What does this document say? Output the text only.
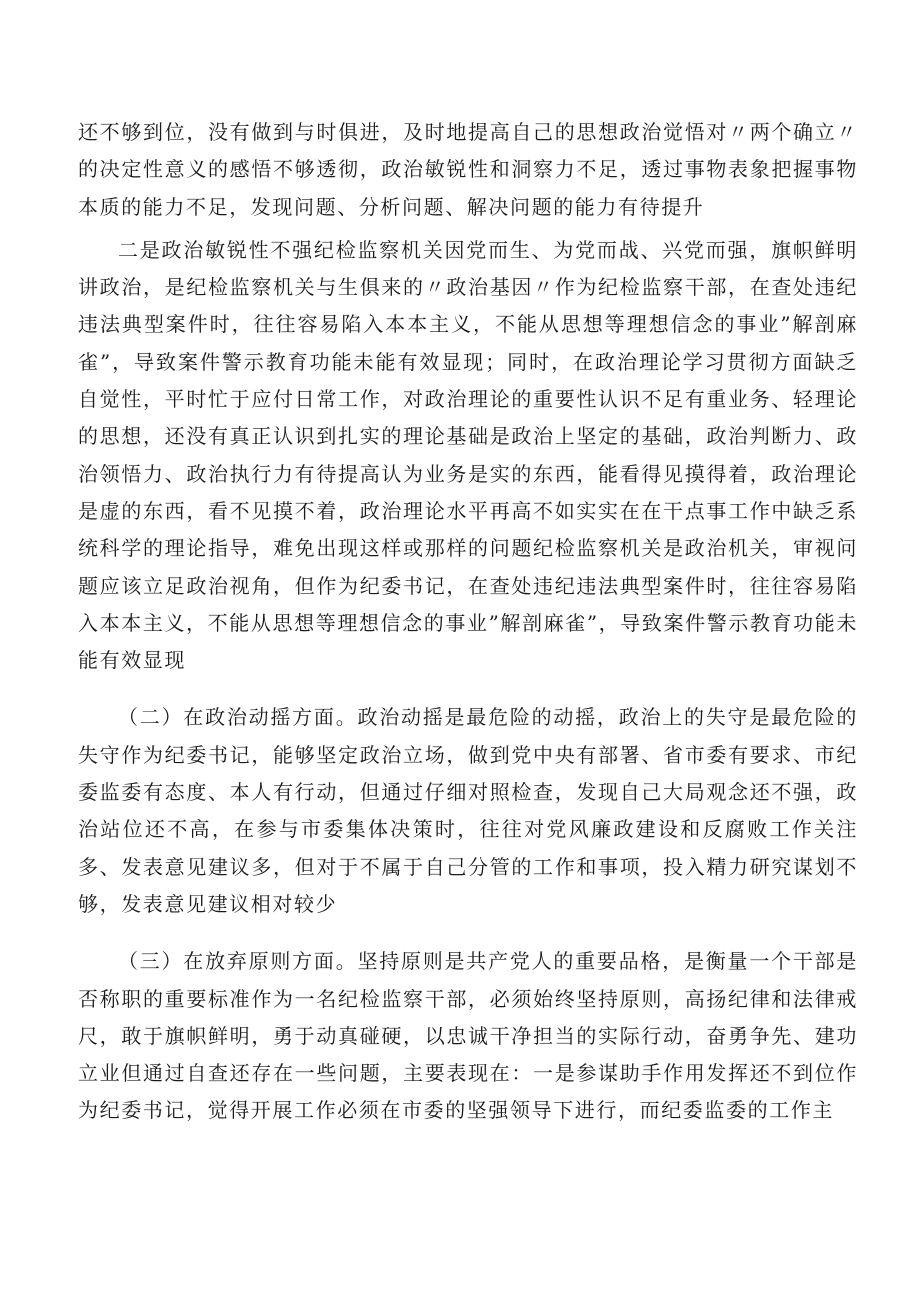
还不够到位，没有做到与时俱进，及时地提高自己的思想政治觉悟对〃两个确立〃的决定性意义的感悟不够透彻，政治敏锐性和洞察力不足，透过事物表象把握事物本质的能力不足，发现问题、分析问题、解决问题的能力有待提升

二是政治敏锐性不强纪检监察机关因党而生、为党而战、兴党而强，旗帜鲜明讲政治，是纪检监察机关与生俱来的〃政治基因〃作为纪检监察干部，在查处违纪违法典型案件时，往往容易陷入本本主义，不能从思想等理想信念的事业”解剖麻雀”，导致案件警示教育功能未能有效显现；同时，在政治理论学习贯彻方面缺乏自觉性，平时忙于应付日常工作，对政治理论的重要性认识不足有重业务、轻理论的思想，还没有真正认识到扎实的理论基础是政治上坚定的基础，政治判断力、政治领悟力、政治执行力有待提高认为业务是实的东西，能看得见摸得着，政治理论是虚的东西，看不见摸不着，政治理论水平再高不如实实在在干点事工作中缺乏系统科学的理论指导，难免出现这样或那样的问题纪检监察机关是政治机关，审视问题应该立足政治视角，但作为纪委书记，在查处违纪违法典型案件时，往往容易陷入本本主义，不能从思想等理想信念的事业”解剖麻雀”，导致案件警示教育功能未能有效显现

（二）在政治动摇方面。政治动摇是最危险的动摇，政治上的失守是最危险的失守作为纪委书记，能够坚定政治立场，做到党中央有部署、省市委有要求、市纪委监委有态度、本人有行动，但通过仔细对照检查，发现自己大局观念还不强，政治站位还不高，在参与市委集体决策时，往往对党风廉政建设和反腐败工作关注多、发表意见建议多，但对于不属于自己分管的工作和事项，投入精力研究谋划不够，发表意见建议相对较少

（三）在放弃原则方面。坚持原则是共产党人的重要品格，是衡量一个干部是否称职的重要标准作为一名纪检监察干部，必须始终坚持原则，高扬纪律和法律戒尺，敢于旗帜鲜明，勇于动真碰硬，以忠诚干净担当的实际行动，奋勇争先、建功立业但通过自查还存在一些问题，主要表现在：一是参谋助手作用发挥还不到位作为纪委书记，觉得开展工作必须在市委的坚强领导下进行，而纪委监委的工作主
